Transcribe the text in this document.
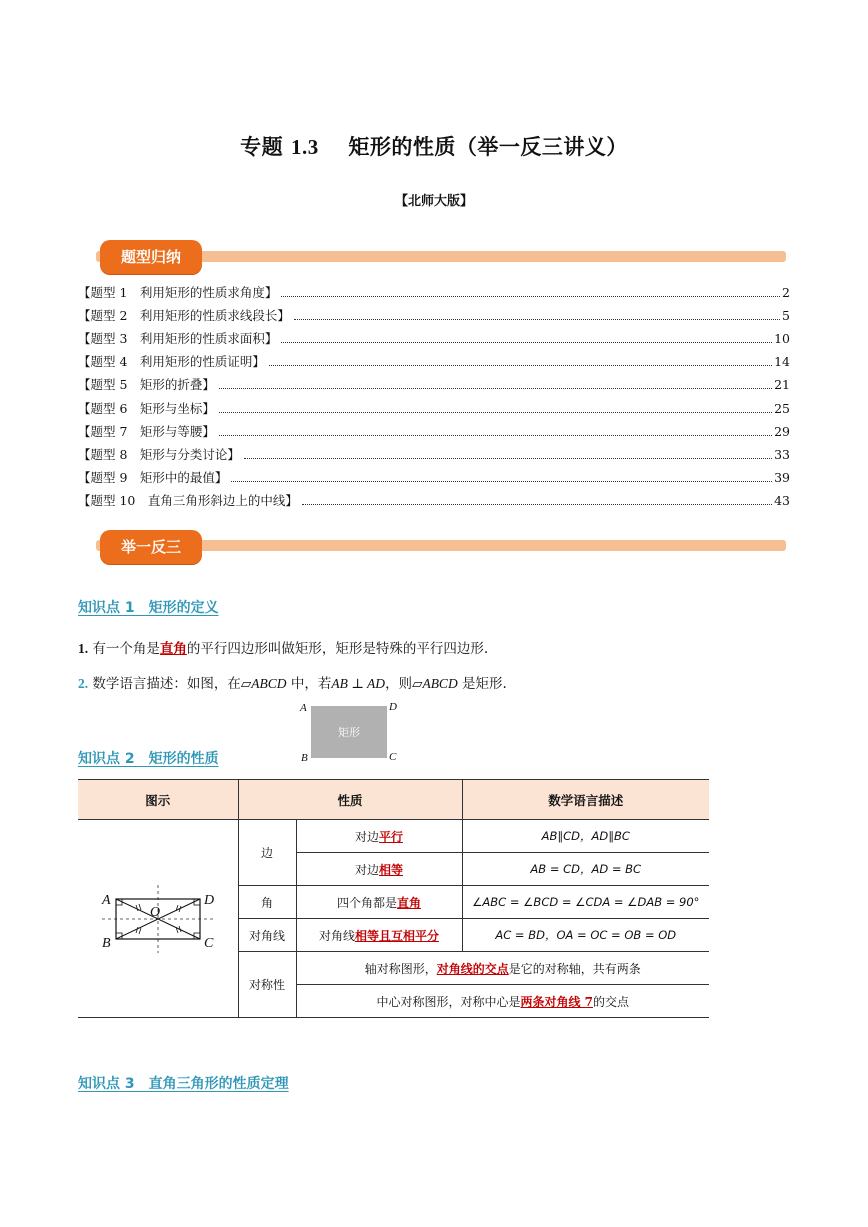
专题 1.3 矩形的性质（举一反三讲义）
【北师大版】
题型归纳
【题型 1　利用矩形的性质求角度】	2
【题型 2　利用矩形的性质求线段长】	5
【题型 3　利用矩形的性质求面积】	10
【题型 4　利用矩形的性质证明】	14
【题型 5　矩形的折叠】	21
【题型 6　矩形与坐标】	25
【题型 7　矩形与等腰】	29
【题型 8　矩形与分类讨论】	33
【题型 9　矩形中的最值】	39
【题型 10　直角三角形斜边上的中线】	43
举一反三
知识点 1　矩形的定义
1. 有一个角是直角的平行四边形叫做矩形，矩形是特殊的平行四边形.
2. 数学语言描述：如图，在▱ABCD 中，若AB ⊥ AD，则▱ABCD 是矩形.
矩形
A	D
B	C
知识点 2　矩形的性质
图示	性质		数学语言描述

A D
B C
O	边	对边平行	AB∥CD，AD∥BC
		对边相等	AB = CD，AD = BC
	角	四个角都是直角	∠ABC = ∠BCD = ∠CDA = ∠DAB = 90°
	对角线	对角线相等且互相平分	AC = BD，OA = OC = OB = OD
	对称性	轴对称图形，对角线的交点是它的对称轴，共有两条	
		中心对称图形，对称中心是两条对角线 7的交点	
知识点 3　直角三角形的性质定理
